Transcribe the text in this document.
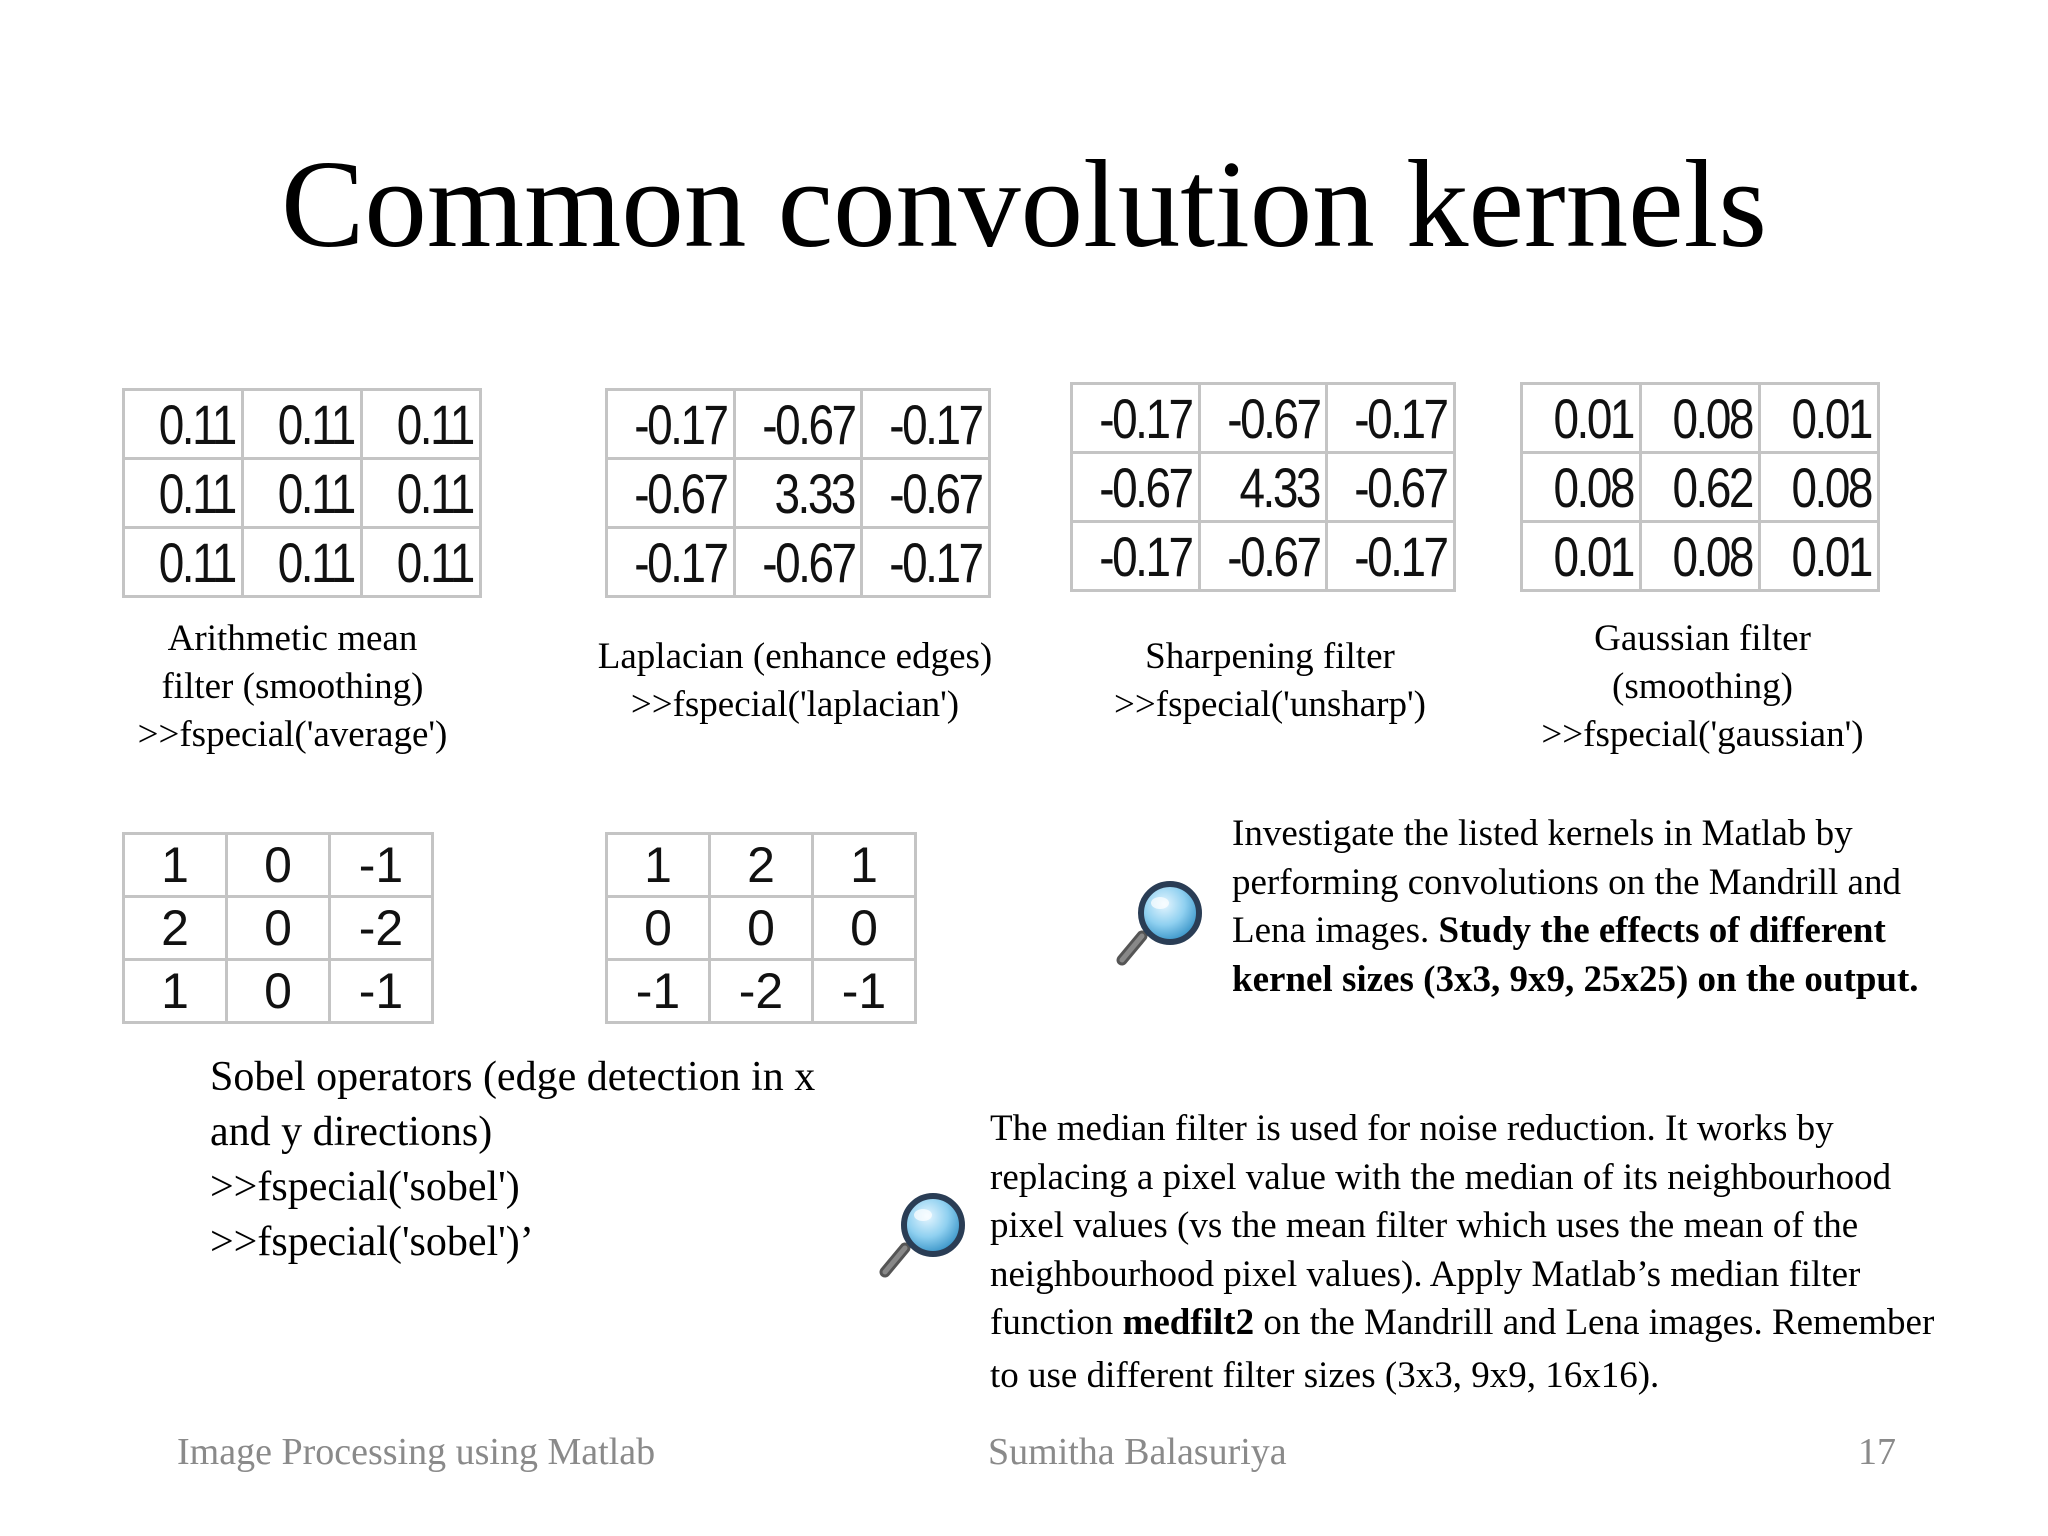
Common convolution kernels
0.11	0.11	0.11
0.11	0.11	0.11
0.11	0.11	0.11
Arithmetic mean
filter (smoothing)
>>fspecial('average')
-0.17	-0.67	-0.17
-0.67	3.33	-0.67
-0.17	-0.67	-0.17
Laplacian (enhance edges)
>>fspecial('laplacian')
-0.17	-0.67	-0.17
-0.67	4.33	-0.67
-0.17	-0.67	-0.17
Sharpening filter
>>fspecial('unsharp')
0.01	0.08	0.01
0.08	0.62	0.08
0.01	0.08	0.01
Gaussian filter
(smoothing)
>>fspecial('gaussian')
1	0	-1
2	0	-2
1	0	-1
1	2	1
0	0	0
-1	-2	-1
Sobel operators (edge detection in x
and y directions)
>>fspecial('sobel')
>>fspecial('sobel')’
Investigate the listed kernels in Matlab by
performing convolutions on the Mandrill and
Lena images. Study the effects of different
kernel sizes (3x3, 9x9, 25x25) on the output.
The median filter is used for noise reduction. It works by
replacing a pixel value with the median of its neighbourhood
pixel values (vs the mean filter which uses the mean of the
neighbourhood pixel values). Apply Matlab’s median filter
function medfilt2 on the Mandrill and Lena images. Remember
to use different filter sizes (3x3, 9x9, 16x16).
Image Processing using Matlab	Sumitha Balasuriya	17
